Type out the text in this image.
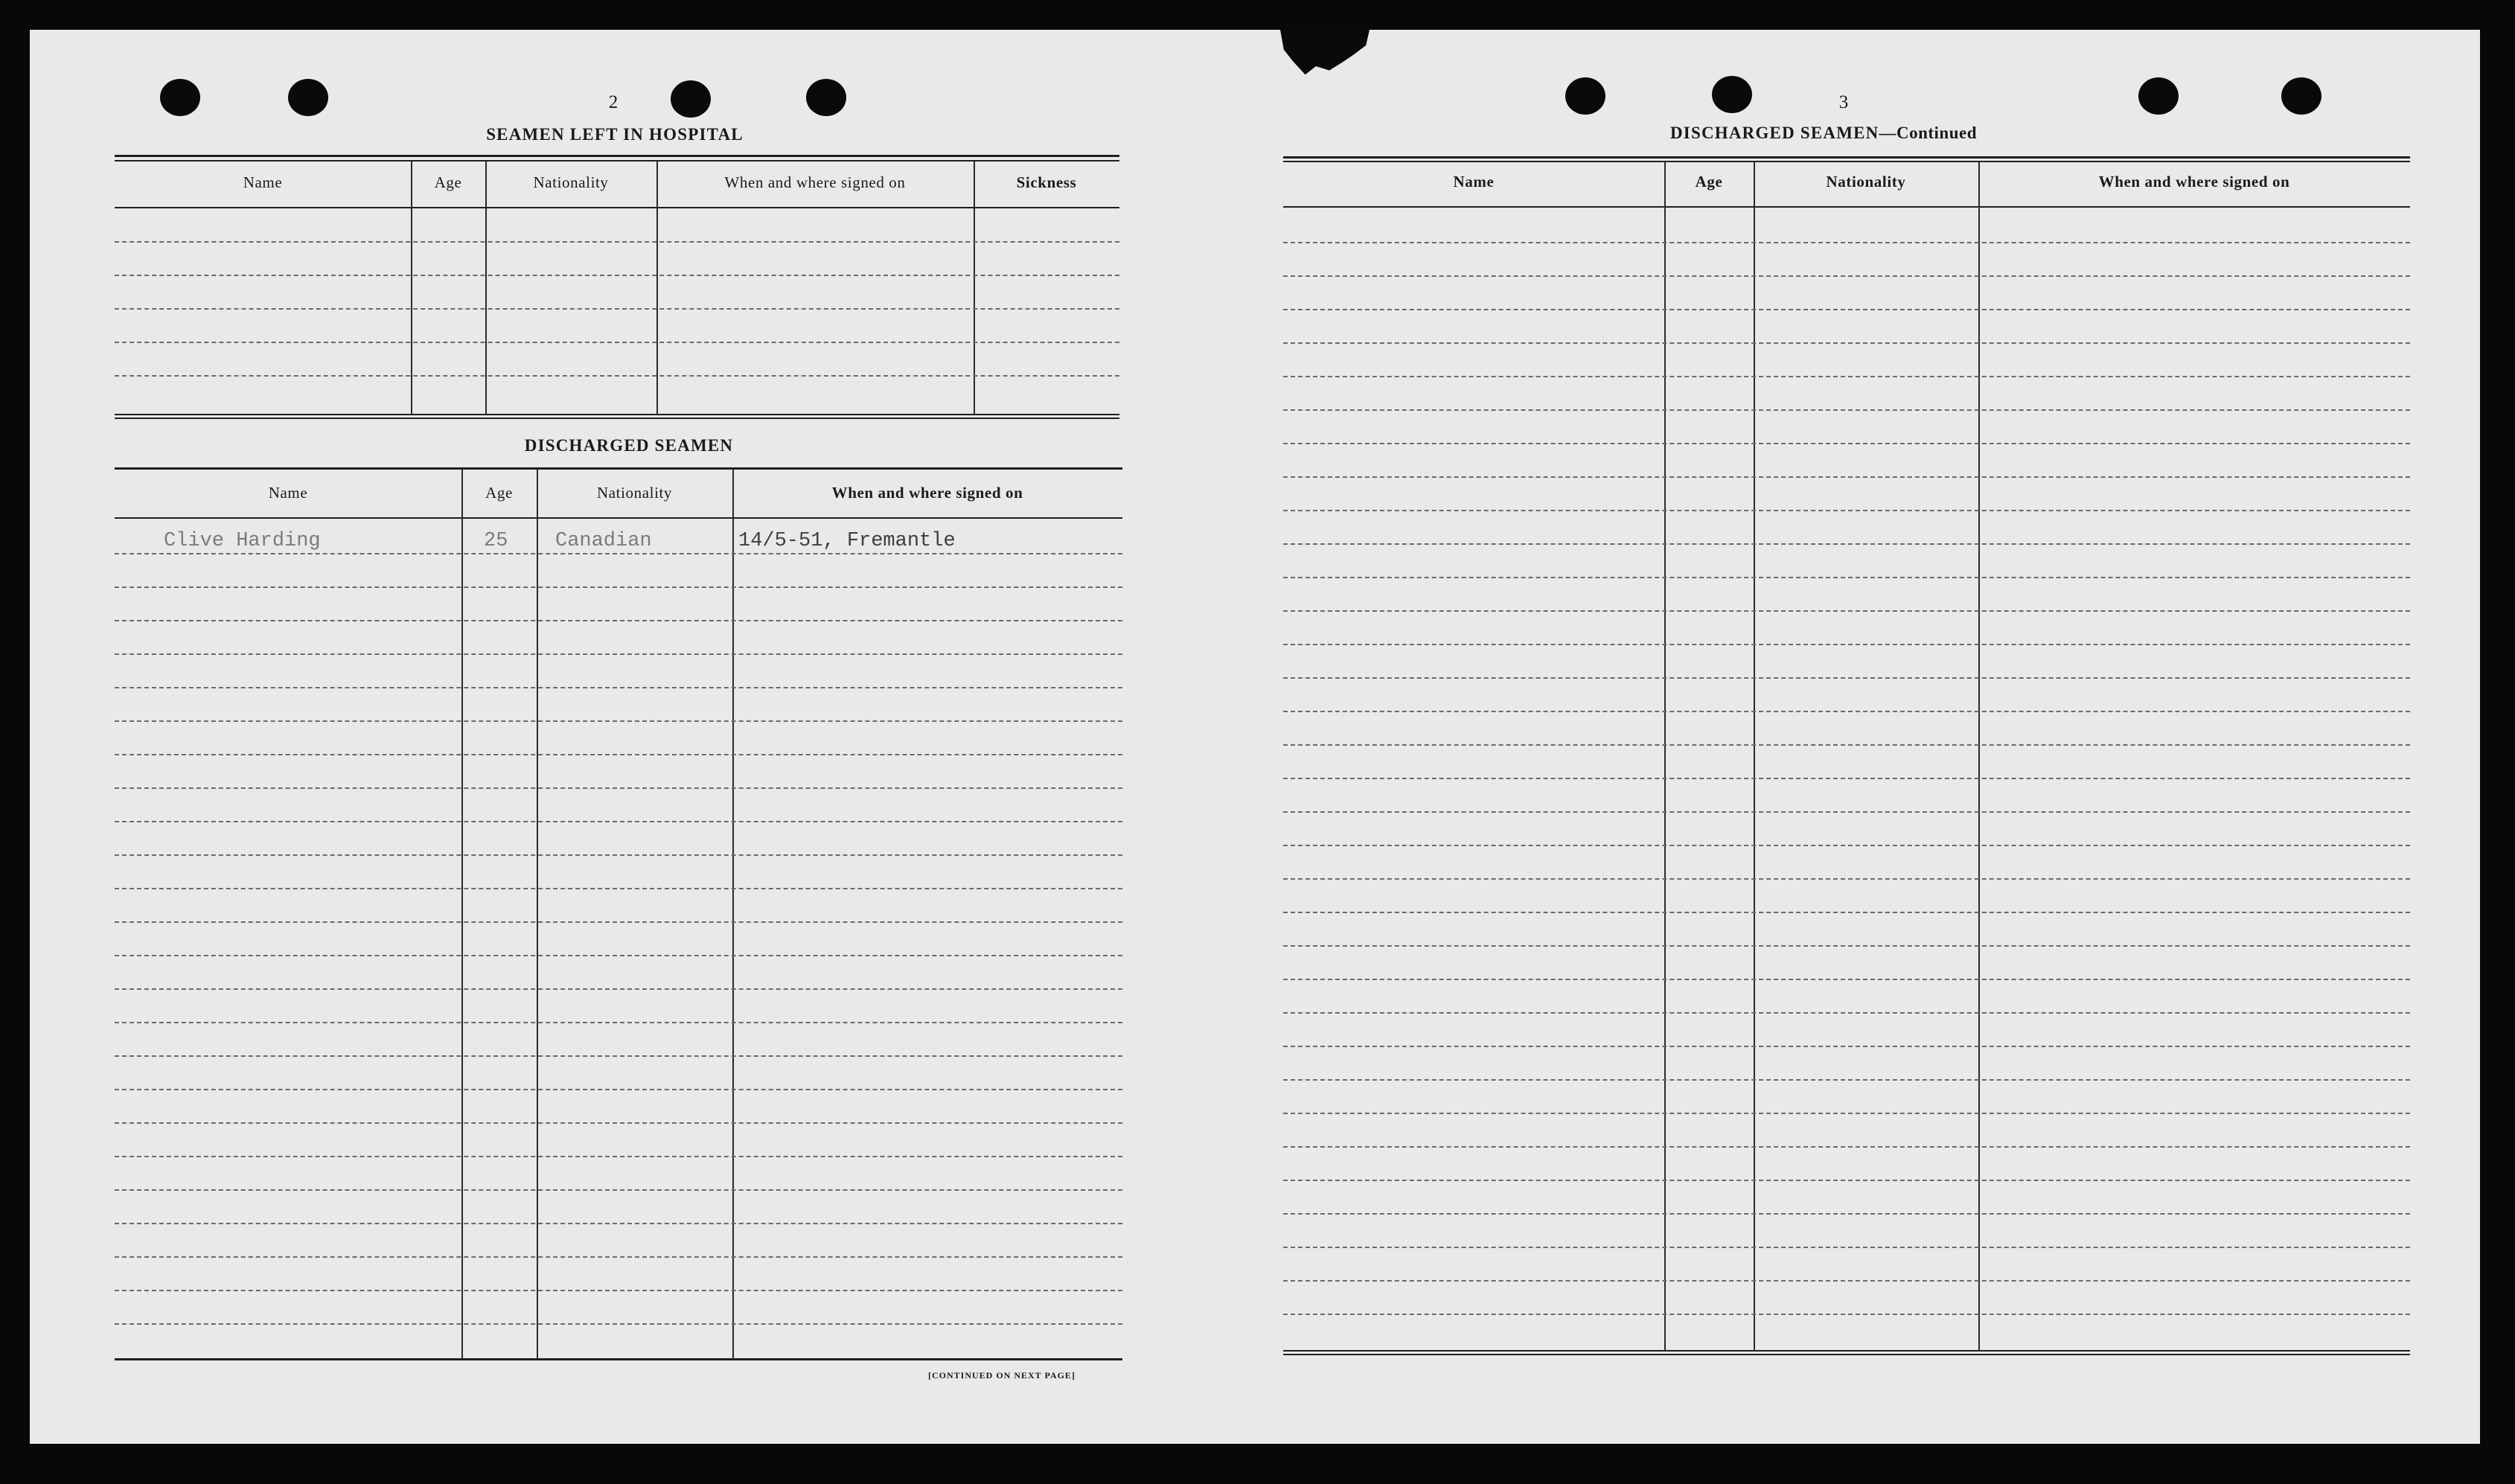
2
SEAMEN LEFT IN HOSPITAL
Name	Age	Nationality	When and where signed on	Sickness
DISCHARGED SEAMEN
Name	Age	Nationality	When and where signed on
Clive Harding	25 Canadian	14/5-51, Fremantle
[CONTINUED ON NEXT PAGE]
3
DISCHARGED SEAMEN—Continued
Name	Age	Nationality	When and where signed on
